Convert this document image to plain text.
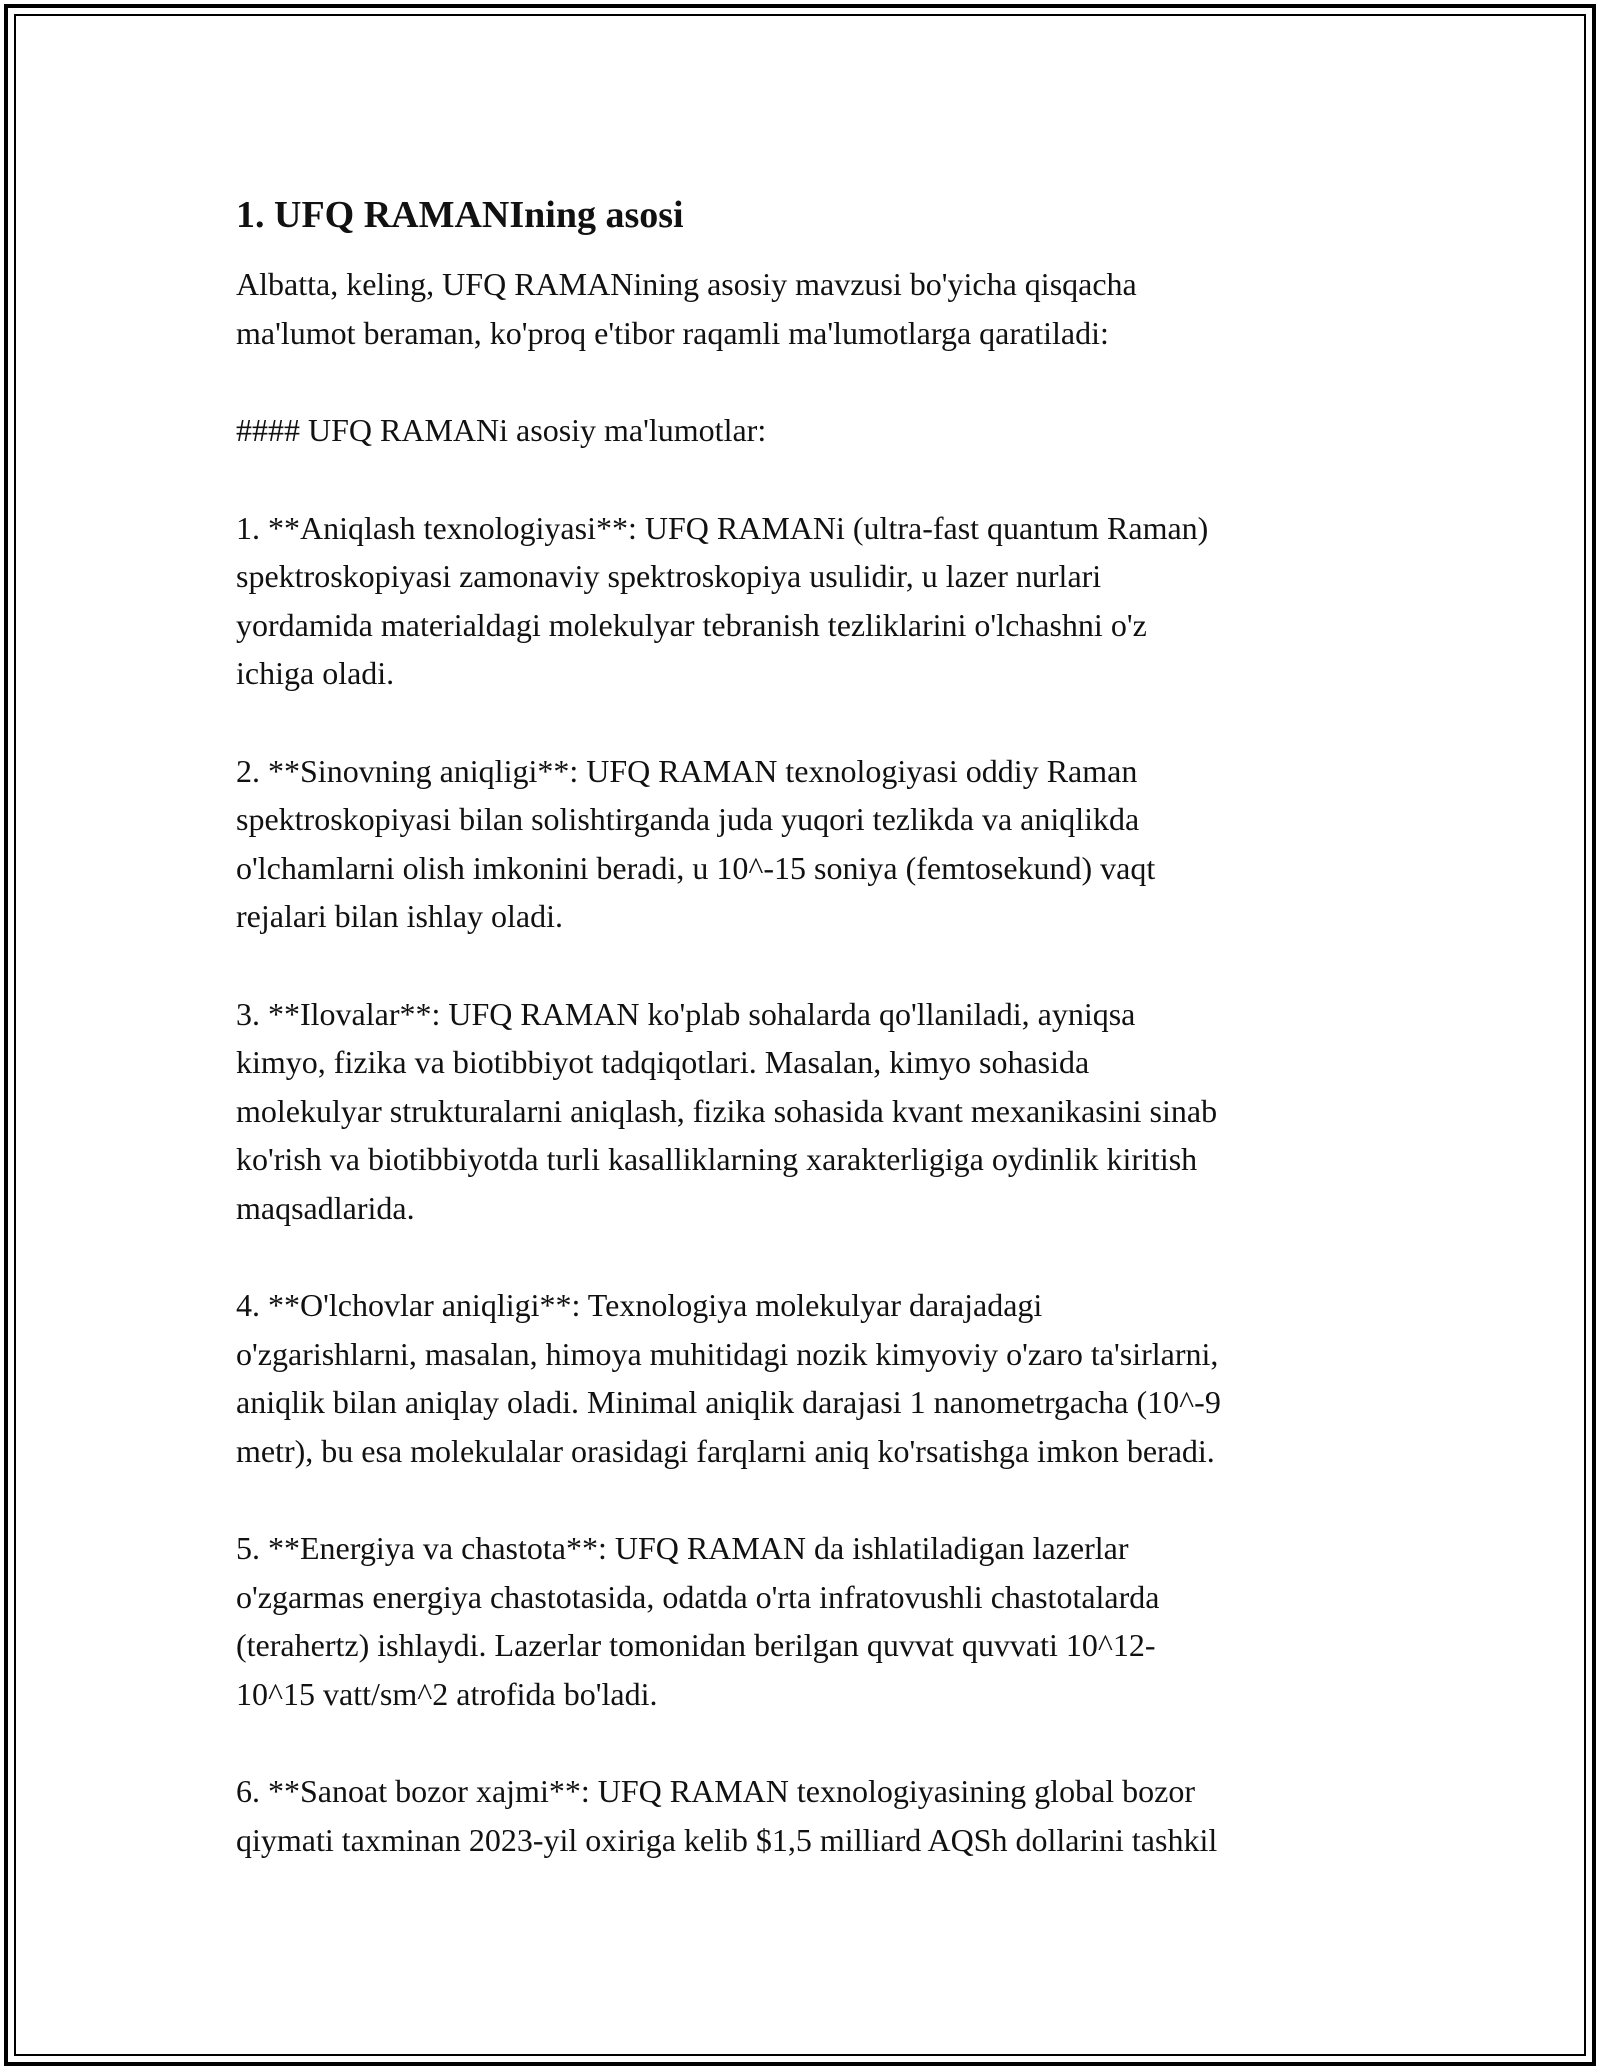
1. UFQ RAMANIning asosi

Albatta, keling, UFQ RAMANining asosiy mavzusi bo'yicha qisqacha
ma'lumot beraman, ko'proq e'tibor raqamli ma'lumotlarga qaratiladi:

#### UFQ RAMANi asosiy ma'lumotlar:

1. **Aniqlash texnologiyasi**: UFQ RAMANi (ultra-fast quantum Raman)
spektroskopiyasi zamonaviy spektroskopiya usulidir, u lazer nurlari
yordamida materialdagi molekulyar tebranish tezliklarini o'lchashni o'z
ichiga oladi.

2. **Sinovning aniqligi**: UFQ RAMAN texnologiyasi oddiy Raman
spektroskopiyasi bilan solishtirganda juda yuqori tezlikda va aniqlikda
o'lchamlarni olish imkonini beradi, u 10^-15 soniya (femtosekund) vaqt
rejalari bilan ishlay oladi.

3. **Ilovalar**: UFQ RAMAN ko'plab sohalarda qo'llaniladi, ayniqsa
kimyo, fizika va biotibbiyot tadqiqotlari. Masalan, kimyo sohasida
molekulyar strukturalarni aniqlash, fizika sohasida kvant mexanikasini sinab
ko'rish va biotibbiyotda turli kasalliklarning xarakterligiga oydinlik kiritish
maqsadlarida.

4. **O'lchovlar aniqligi**: Texnologiya molekulyar darajadagi
o'zgarishlarni, masalan, himoya muhitidagi nozik kimyoviy o'zaro ta'sirlarni,
aniqlik bilan aniqlay oladi. Minimal aniqlik darajasi 1 nanometrgacha (10^-9
metr), bu esa molekulalar orasidagi farqlarni aniq ko'rsatishga imkon beradi.

5. **Energiya va chastota**: UFQ RAMAN da ishlatiladigan lazerlar
o'zgarmas energiya chastotasida, odatda o'rta infratovushli chastotalarda
(terahertz) ishlaydi. Lazerlar tomonidan berilgan quvvat quvvati 10^12-
10^15 vatt/sm^2 atrofida bo'ladi.

6. **Sanoat bozor xajmi**: UFQ RAMAN texnologiyasining global bozor
qiymati taxminan 2023-yil oxiriga kelib $1,5 milliard AQSh dollarini tashkil
